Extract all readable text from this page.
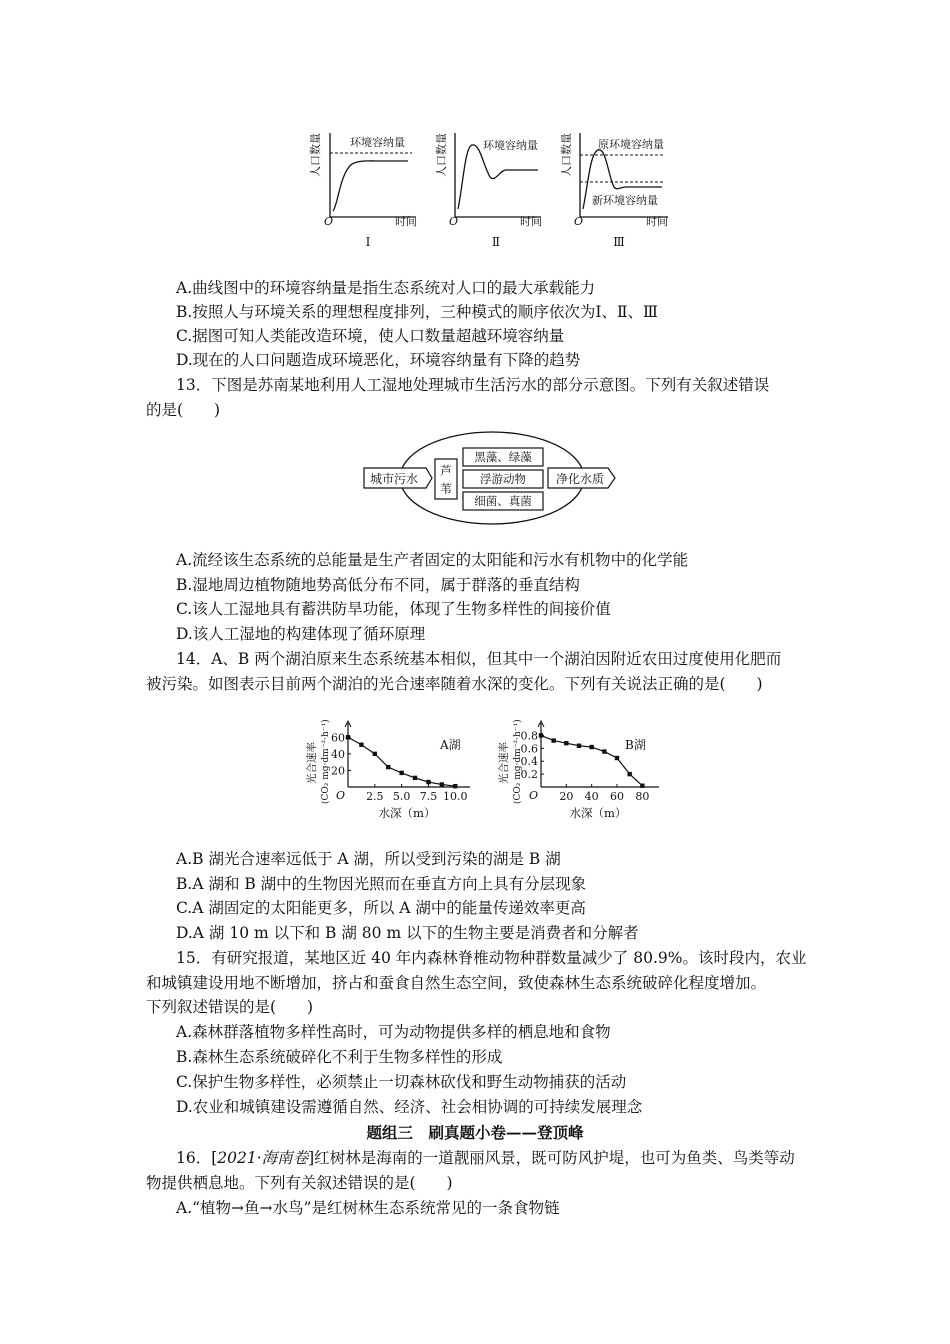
人口数量	环境容纳量
O	时间
Ⅰ
人口数量	环境容纳量
O	时间
Ⅱ
人口数量 原环境容纳量
新环境容纳量
O	时间
Ⅲ
A.曲线图中的环境容纳量是指生态系统对人口的最大承载能力
B.按照人与环境关系的理想程度排列，三种模式的顺序依次为Ⅰ、Ⅱ、Ⅲ
C.据图可知人类能改造环境，使人口数量超越环境容纳量
D.现在的人口问题造成环境恶化，环境容纳量有下降的趋势
13．下图是苏南某地利用人工湿地处理城市生活污水的部分示意图。下列有关叙述错误
的是(　　)
城市污水
芦
苇
黑藻、绿藻
浮游动物
细菌、真菌
净化水质
A.流经该生态系统的总能量是生产者固定的太阳能和污水有机物中的化学能
B.湿地周边植物随地势高低分布不同，属于群落的垂直结构
C.该人工湿地具有蓄洪防旱功能，体现了生物多样性的间接价值
D.该人工湿地的构建体现了循环原理
14．A、B 两个湖泊原来生态系统基本相似，但其中一个湖泊因附近农田过度使用化肥而
被污染。如图表示目前两个湖泊的光合速率随着水深的变化。下列有关说法正确的是(　　)
20
40
60
2.5 5.0 7.5 10.0
O
A湖
光合速率 (CO₂ mg·dm⁻²·h⁻¹)
水深（m）
0.2
0.4
0.6
0.8
20 40 60 80
O
B湖
光合速率 (CO₂ mg·dm⁻²·h⁻¹)
水深（m）
A.B 湖光合速率远低于 A 湖，所以受到污染的湖是 B 湖
B.A 湖和 B 湖中的生物因光照而在垂直方向上具有分层现象
C.A 湖固定的太阳能更多，所以 A 湖中的能量传递效率更高
D.A 湖 10 m 以下和 B 湖 80 m 以下的生物主要是消费者和分解者
15．有研究报道，某地区近 40 年内森林脊椎动物种群数量减少了 80.9%。该时段内，农业
和城镇建设用地不断增加，挤占和蚕食自然生态空间，致使森林生态系统破碎化程度增加。
下列叙述错误的是(　　)
A.森林群落植物多样性高时，可为动物提供多样的栖息地和食物
B.森林生态系统破碎化不利于生物多样性的形成
C.保护生物多样性，必须禁止一切森林砍伐和野生动物捕获的活动
D.农业和城镇建设需遵循自然、经济、社会相协调的可持续发展理念
题组三　刷真题小卷——登顶峰
16．[2021·海南卷]红树林是海南的一道靓丽风景，既可防风护堤，也可为鱼类、鸟类等动
物提供栖息地。下列有关叙述错误的是(　　)
A.“植物→鱼→水鸟”是红树林生态系统常见的一条食物链
